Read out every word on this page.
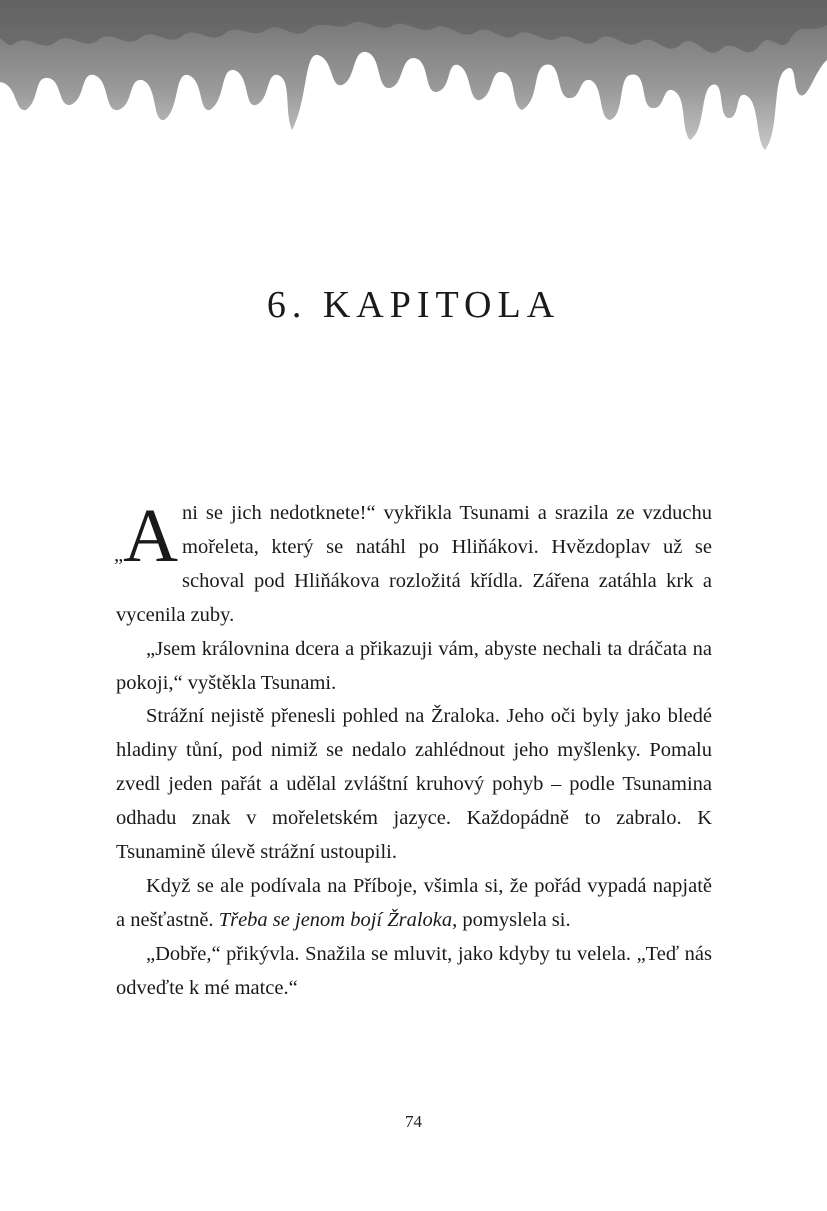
6. KAPITOLA

„A ni se jich nedotknete!“ vykřikla Tsunami a srazila ze vzduchu mořeleta, který se natáhl po Hliňákovi. Hvězdoplav už se schoval pod Hliňákova rozložitá křídla. Zářena zatáhla krk a vycenila zuby.

„Jsem královnina dcera a přikazuji vám, abyste nechali ta dráčata na pokoji,“ vyštěkla Tsunami.

Strážní nejistě přenesli pohled na Žraloka. Jeho oči byly jako bledé hladiny tůní, pod nimiž se nedalo zahlédnout jeho myšlenky. Pomalu zvedl jeden pařát a udělal zvláštní kruhový pohyb – podle Tsunamina odhadu znak v mořeletském jazyce. Každopádně to zabralo. K Tsunamině úlevě strážní ustoupili.

Když se ale podívala na Příboje, všimla si, že pořád vypadá napjatě a nešťastně. Třeba se jenom bojí Žraloka, pomyslela si.

„Dobře,“ přikývla. Snažila se mluvit, jako kdyby tu velela. „Teď nás odveďte k mé matce.“

74
